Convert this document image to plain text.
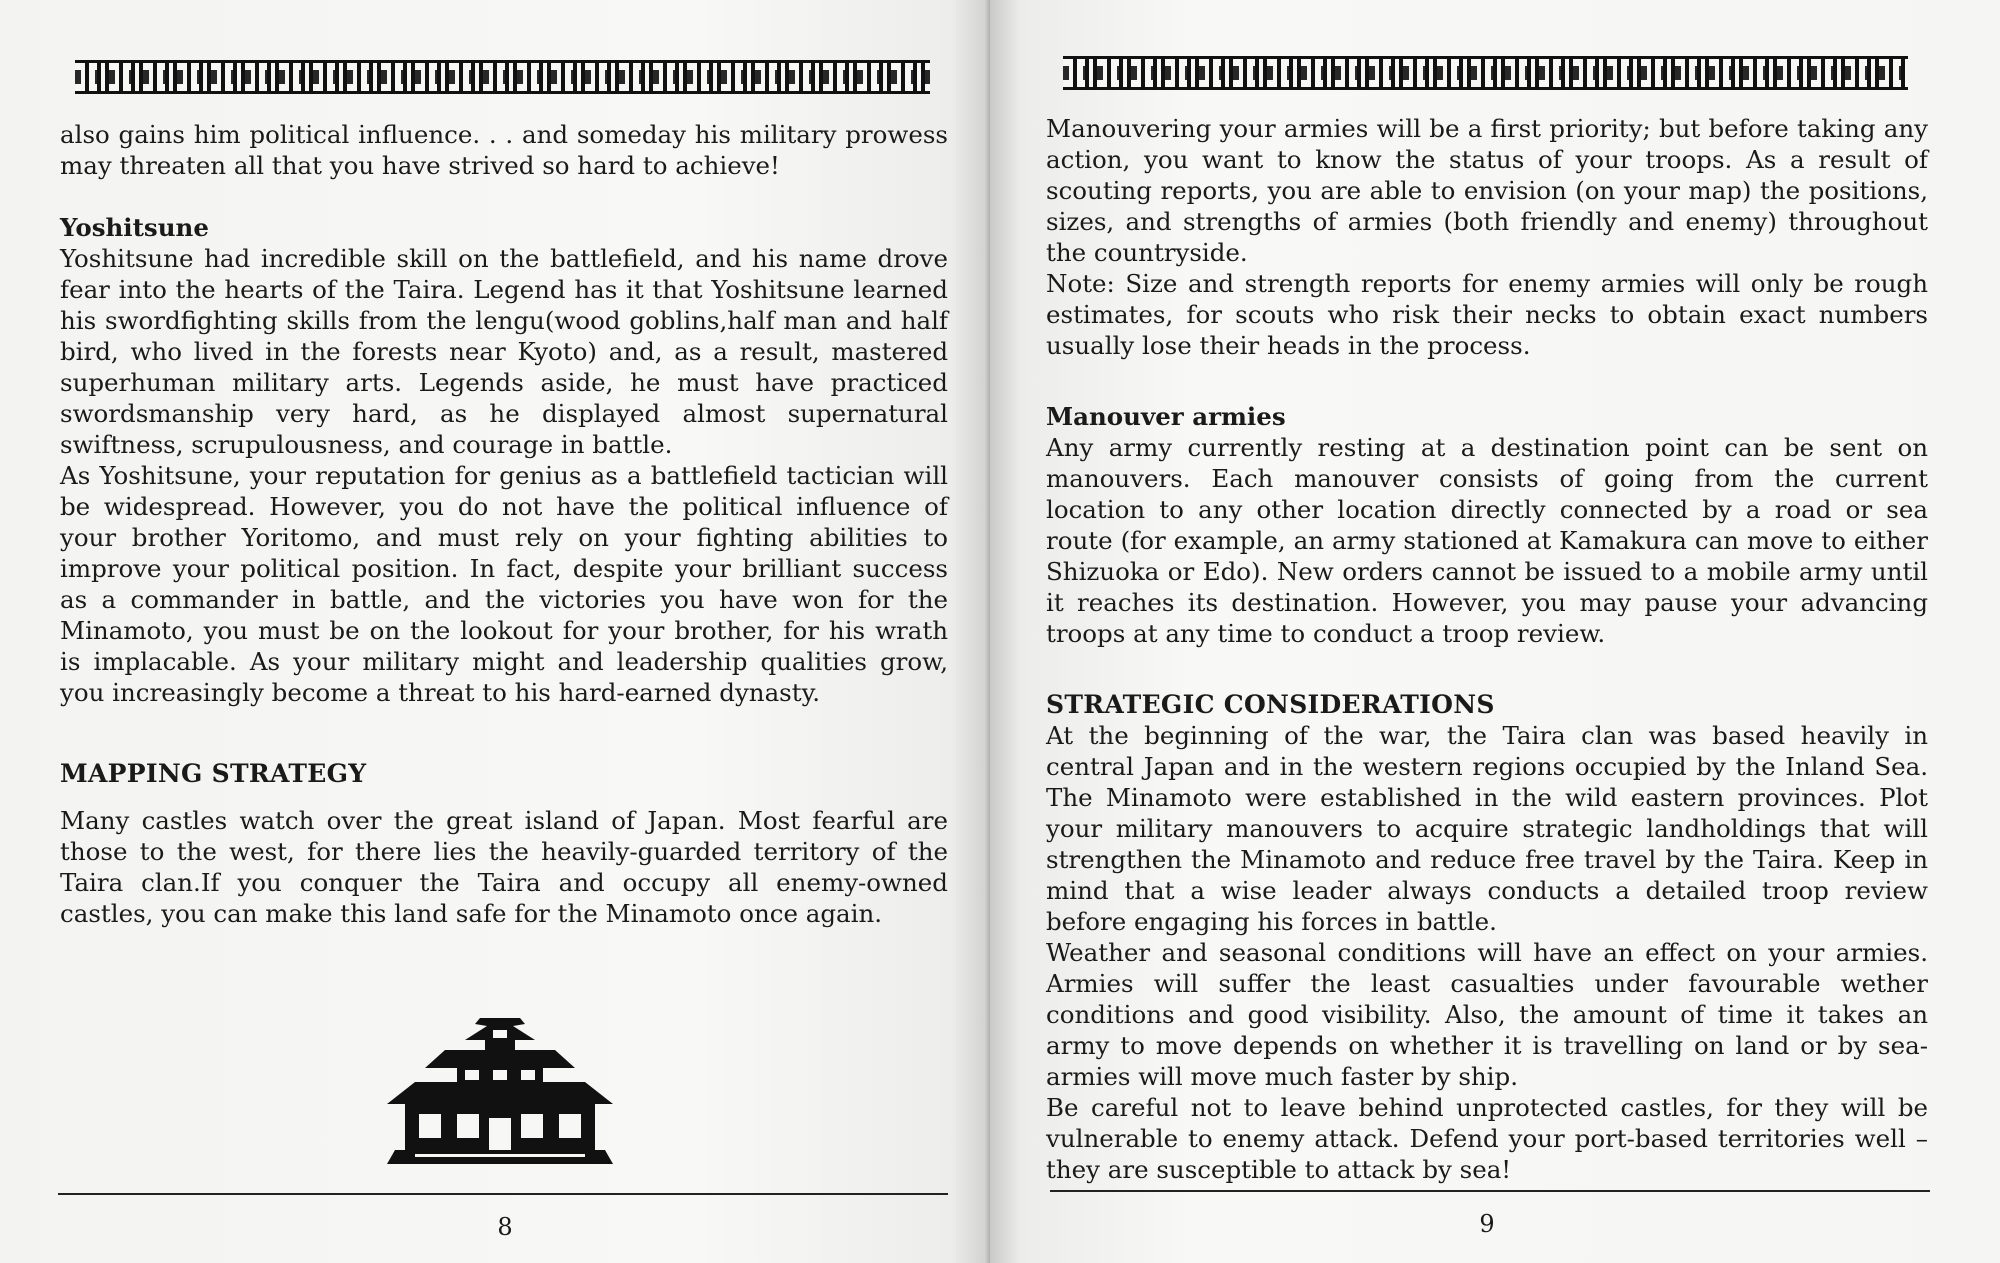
also gains him political influence. . . and someday his military prowess may threaten all that you have strived so hard to achieve!

Yoshitsune

Yoshitsune had incredible skill on the battlefield, and his name drove fear into the hearts of the Taira. Legend has it that Yoshitsune learned his swordfighting skills from the lengu(wood goblins,half man and half bird, who lived in the forests near Kyoto) and, as a result, mastered superhuman military arts. Legends aside, he must have practiced swordsmanship very hard, as he displayed almost supernatural swiftness, scrupulousness, and courage in battle.

As Yoshitsune, your reputation for genius as a battlefield tactician will be widespread. However, you do not have the political influence of your brother Yoritomo, and must rely on your fighting abilities to improve your political position. In fact, despite your brilliant success as a commander in battle, and the victories you have won for the Minamoto, you must be on the lookout for your brother, for his wrath is implacable. As your military might and leadership qualities grow, you increasingly become a threat to his hard-earned dynasty.

MAPPING STRATEGY

Many castles watch over the great island of Japan. Most fearful are those to the west, for there lies the heavily-guarded territory of the Taira clan.If you conquer the Taira and occupy all enemy-owned castles, you can make this land safe for the Minamoto once again.

8

Manouvering your armies will be a first priority; but before taking any action, you want to know the status of your troops. As a result of scouting reports, you are able to envision (on your map) the positions, sizes, and strengths of armies (both friendly and enemy) throughout the countryside.

Note: Size and strength reports for enemy armies will only be rough estimates, for scouts who risk their necks to obtain exact numbers usually lose their heads in the process.

Manouver armies

Any army currently resting at a destination point can be sent on manouvers. Each manouver consists of going from the current location to any other location directly connected by a road or sea route (for example, an army stationed at Kamakura can move to either Shizuoka or Edo). New orders cannot be issued to a mobile army until it reaches its destination. However, you may pause your advancing troops at any time to conduct a troop review.

STRATEGIC CONSIDERATIONS

At the beginning of the war, the Taira clan was based heavily in central Japan and in the western regions occupied by the Inland Sea. The Minamoto were established in the wild eastern provinces. Plot your military manouvers to acquire strategic landholdings that will strengthen the Minamoto and reduce free travel by the Taira. Keep in mind that a wise leader always conducts a detailed troop review before engaging his forces in battle.

Weather and seasonal conditions will have an effect on your armies. Armies will suffer the least casualties under favourable wether conditions and good visibility. Also, the amount of time it takes an army to move depends on whether it is travelling on land or by sea-armies will move much faster by ship.

Be careful not to leave behind unprotected castles, for they will be vulnerable to enemy attack. Defend your port-based territories well – they are susceptible to attack by sea!

9
